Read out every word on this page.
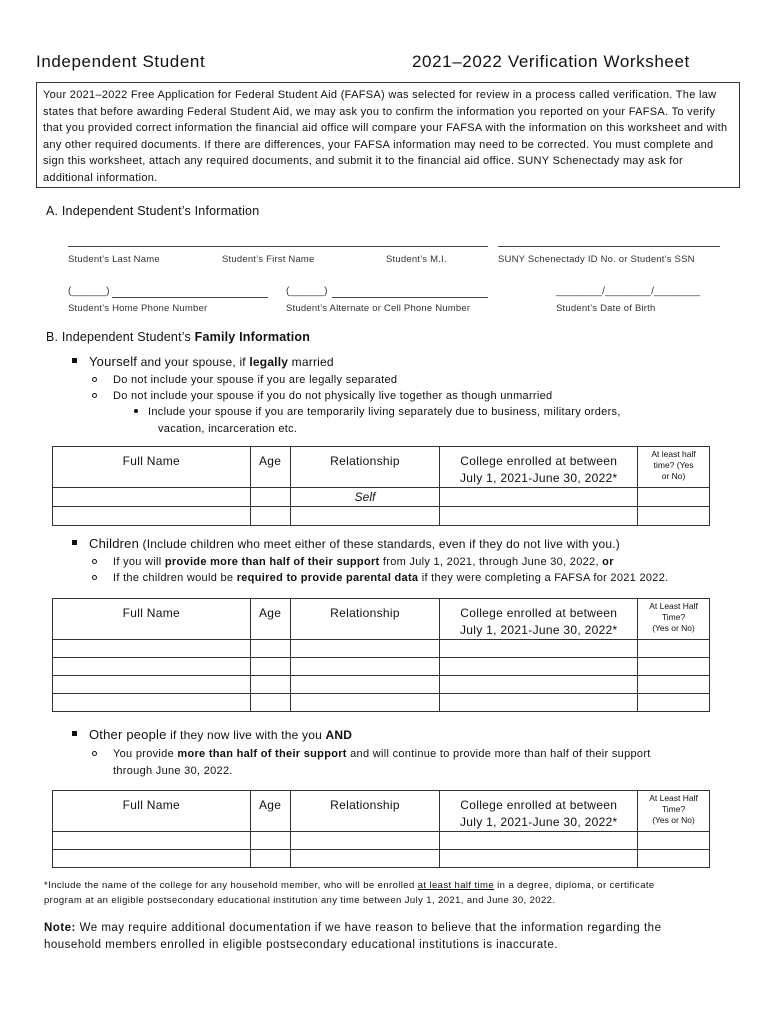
Independent Student	2021–2022 Verification Worksheet
Your 2021–2022 Free Application for Federal Student Aid (FAFSA) was selected for review in a process called verification. The law states that before awarding Federal Student Aid, we may ask you to confirm the information you reported on your FAFSA. To verify that you provided correct information the financial aid office will compare your FAFSA with the information on this worksheet and with any other required documents. If there are differences, your FAFSA information may need to be corrected. You must complete and sign this worksheet, attach any required documents, and submit it to the financial aid office. SUNY Schenectady may ask for additional information.
A. Independent Student’s Information
Student’s Last Name	Student’s First Name	Student’s M.I.	SUNY Schenectady ID No. or Student’s SSN
(______)	(______)	________/________/________
Student’s Home Phone Number	Student’s Alternate or Cell Phone Number	Student’s Date of Birth
B. Independent Student’s Family Information
Yourself and your spouse, if legally married
Do not include your spouse if you are legally separated
Do not include your spouse if you do not physically live together as though unmarried
Include your spouse if you are temporarily living separately due to business, military orders,
vacation, incarceration etc.
Full Name	Age	Relationship	College enrolled at between
July 1, 2021-June 30, 2022*	At least half
time? (Yes
or No)
		Self		

Children (Include children who meet either of these standards, even if they do not live with you.)
If you will provide more than half of their support from July 1, 2021, through June 30, 2022, or
If the children would be required to provide parental data if they were completing a FAFSA for 2021 2022.
Full Name	Age	Relationship	College enrolled at between
July 1, 2021-June 30, 2022*	At Least Half
Time?
(Yes or No)

Other people if they now live with the you AND
You provide more than half of their support and will continue to provide more than half of their support
through June 30, 2022.
Full Name	Age	Relationship	College enrolled at between
July 1, 2021-June 30, 2022*	At Least Half
Time?
(Yes or No)

*Include the name of the college for any household member, who will be enrolled at least half time in a degree, diploma, or certificate
program at an eligible postsecondary educational institution any time between July 1, 2021, and June 30, 2022.
Note: We may require additional documentation if we have reason to believe that the information regarding the
household members enrolled in eligible postsecondary educational institutions is inaccurate.
